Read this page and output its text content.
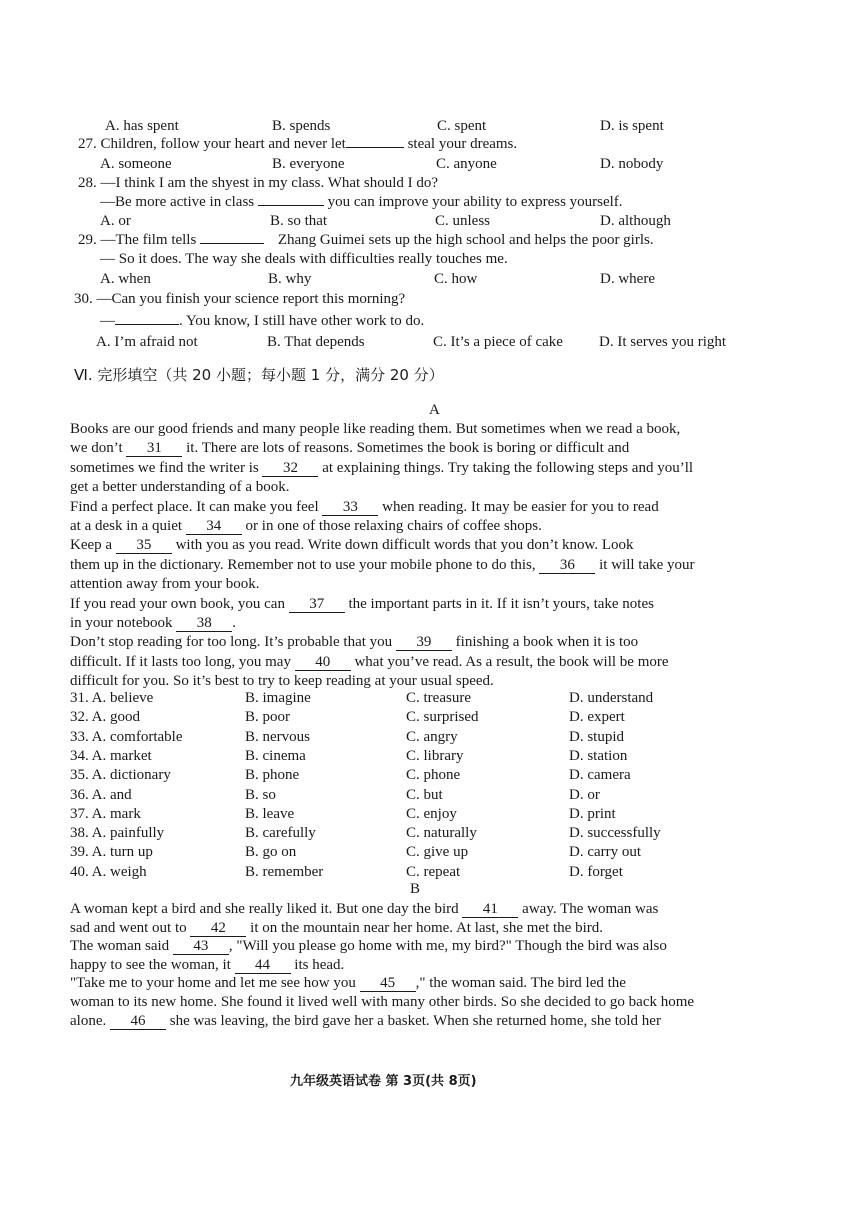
A. has spent	B. spends	C. spent	D. is spent
27. Children, follow your heart and never let	steal your dreams.
A. someone	B. everyone	C. anyone	D. nobody
28. —I think I am the shyest in my class. What should I do?
—Be more active in class	you can improve your ability to express yourself.
A. or	B. so that	C. unless	D. although
29. —The film tells	Zhang Guimei sets up the high school and helps the poor girls.
— So it does. The way she deals with difficulties really touches me.
A. when	B. why	C. how	D. where
30. —Can you finish your science report this morning?
—	. You know, I still have other work to do.
A. I’m afraid not	B. That depends	C. It’s a piece of cake D. It serves you right
Ⅵ. 完形填空（共 20 小题；每小题 1 分，满分 20 分）
A
Books are our good friends and many people like reading them. But sometimes when we read a book,
we don’t 31 it. There are lots of reasons. Sometimes the book is boring or difficult and
sometimes we find the writer is 32 at explaining things. Try taking the following steps and you’ll
get a better understanding of a book.
Find a perfect place. It can make you feel 33 when reading. It may be easier for you to read
at a desk in a quiet 34 or in one of those relaxing chairs of coffee shops.
Keep a 35 with you as you read. Write down difficult words that you don’t know. Look
them up in the dictionary. Remember not to use your mobile phone to do this, 36 it will take your
attention away from your book.
If you read your own book, you can 37 the important parts in it. If it isn’t yours, take notes
in your notebook 38 .
Don’t stop reading for too long. It’s probable that you 39 finishing a book when it is too
difficult. If it lasts too long, you may 40 what you’ve read. As a result, the book will be more
difficult for you. So it’s best to try to keep reading at your usual speed.
31. A. believe	B. imagine	C. treasure	D. understand
32. A. good	B. poor	C. surprised	D. expert
33. A. comfortable	B. nervous	C. angry	D. stupid
34. A. market	B. cinema	C. library	D. station
35. A. dictionary	B. phone	C. phone	D. camera
36. A. and	B. so	C. but	D. or
37. A. mark	B. leave	C. enjoy	D. print
38. A. painfully	B. carefully	C. naturally	D. successfully
39. A. turn up	B. go on	C. give up	D. carry out
40. A. weigh	B. remember	C. repeat	D. forget
B
A woman kept a bird and she really liked it. But one day the bird 41 away. The woman was
sad and went out to 42 it on the mountain near her home. At last, she met the bird.
The woman said 43 , "Will you please go home with me, my bird?" Though the bird was also
happy to see the woman, it 44 its head.
"Take me to your home and let me see how you 45 ," the woman said. The bird led the
woman to its new home. She found it lived well with many other birds. So she decided to go back home
alone. 46 she was leaving, the bird gave her a basket. When she returned home, she told her
九年级英语试卷 第 3页(共 8页)
